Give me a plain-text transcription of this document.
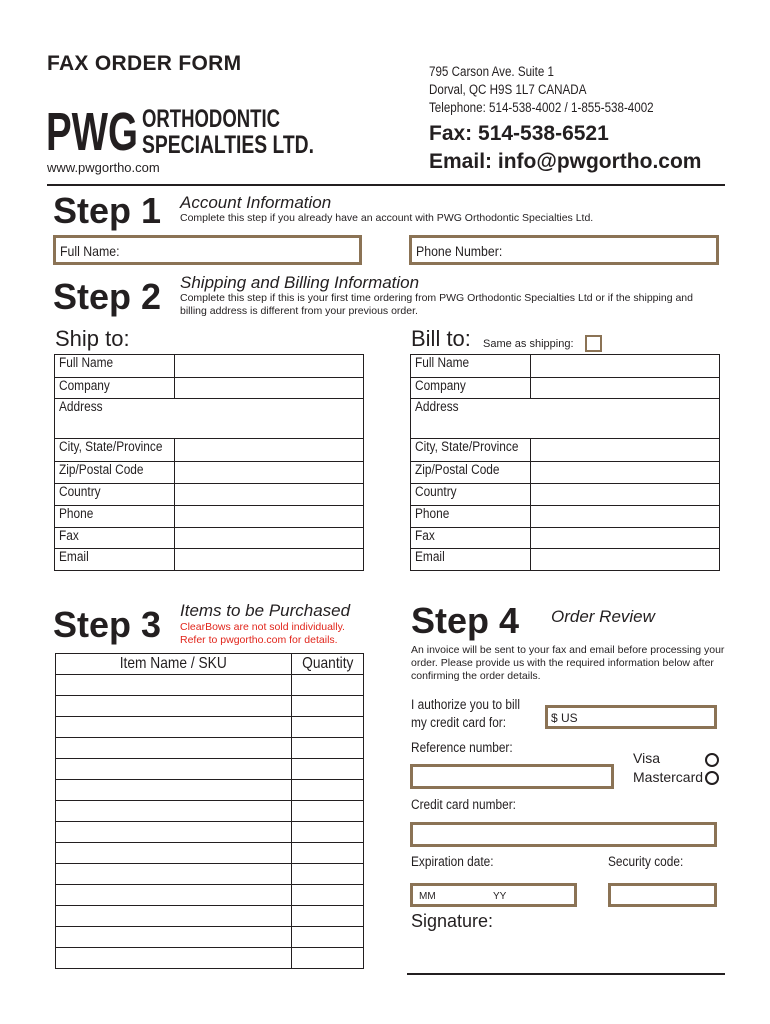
FAX ORDER FORM
PWG ORTHODONTIC
SPECIALTIES LTD.
www.pwgortho.com
795 Carson Ave. Suite 1
Dorval, QC H9S 1L7 CANADA
Telephone: 514-538-4002 / 1-855-538-4002
Fax: 514-538-6521
Email: info@pwgortho.com
Step 1 Account Information
Complete this step if you already have an account with PWG Orthodontic Specialties Ltd.
Full Name:	Phone Number:
Step 2 Shipping and Billing Information
Complete this step if this is your first time ordering from PWG Orthodontic Specialties Ltd or if the shipping and billing address is different from your previous order.
Ship to:	Bill to: Same as shipping:
Full Name	
Company	
Address	
City, State/Province	
Zip/Postal Code	
Country	
Phone	
Fax	
Email	
Full Name	
Company	
Address	
City, State/Province	
Zip/Postal Code	
Country	
Phone	
Fax	
Email	
Step 3 Items to be Purchased
ClearBows are not sold individually.
Refer to pwgortho.com for details.
Item Name / SKU	Quantity

Step 4 Order Review
An invoice will be sent to your fax and email before processing your order. Please provide us with the required information below after confirming the order details.
I authorize you to bill
my credit card for:	$ US
Reference number:
Visa
Mastercard
Credit card number:
Expiration date:	Security code:
MM	YY
Signature:
